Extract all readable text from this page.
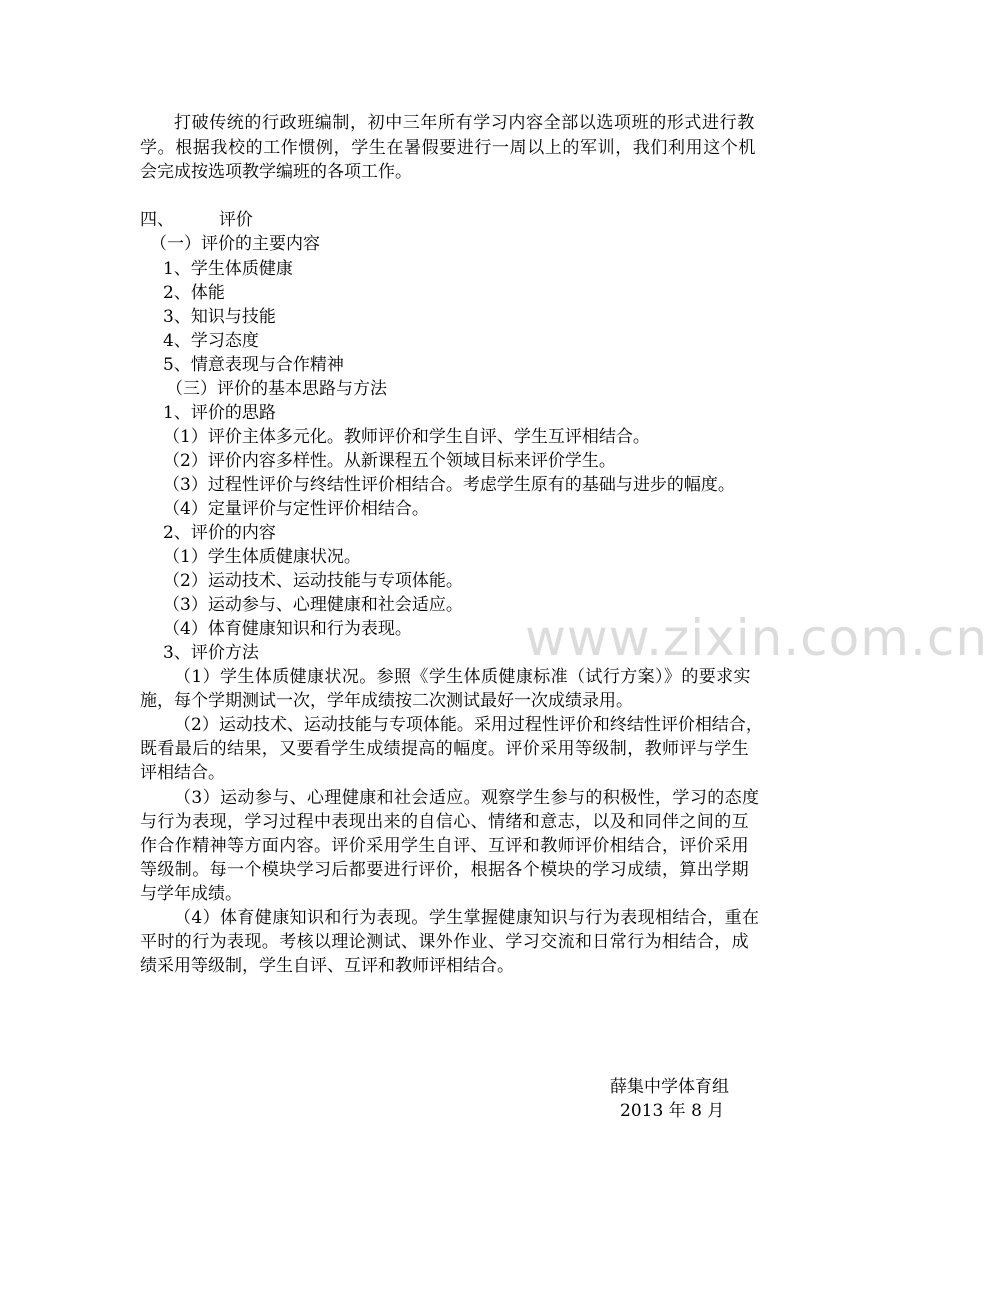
打破传统的行政班编制，初中三年所有学习内容全部以选项班的形式进行教
学。根据我校的工作惯例，学生在暑假要进行一周以上的军训，我们利用这个机
会完成按选项教学编班的各项工作。
四、	评价
（一）评价的主要内容
1、学生体质健康
2、体能
3、知识与技能
4、学习态度
5、情意表现与合作精神
（三）评价的基本思路与方法
1、评价的思路
（1）评价主体多元化。教师评价和学生自评、学生互评相结合。
（2）评价内容多样性。从新课程五个领域目标来评价学生。
（3）过程性评价与终结性评价相结合。考虑学生原有的基础与进步的幅度。
（4）定量评价与定性评价相结合。
2、评价的内容
（1）学生体质健康状况。
（2）运动技术、运动技能与专项体能。
（3）运动参与、心理健康和社会适应。
（4）体育健康知识和行为表现。
3、评价方法
（1）学生体质健康状况。参照《学生体质健康标准（试行方案）》的要求实
施，每个学期测试一次，学年成绩按二次测试最好一次成绩录用。
（2）运动技术、运动技能与专项体能。采用过程性评价和终结性评价相结合，
既看最后的结果，又要看学生成绩提高的幅度。评价采用等级制，教师评与学生
评相结合。
（3）运动参与、心理健康和社会适应。观察学生参与的积极性，学习的态度
与行为表现，学习过程中表现出来的自信心、情绪和意志，以及和同伴之间的互
作合作精神等方面内容。评价采用学生自评、互评和教师评价相结合，评价采用
等级制。每一个模块学习后都要进行评价，根据各个模块的学习成绩，算出学期
与学年成绩。
（4）体育健康知识和行为表现。学生掌握健康知识与行为表现相结合，重在
平时的行为表现。考核以理论测试、课外作业、学习交流和日常行为相结合，成
绩采用等级制，学生自评、互评和教师评相结合。
薛集中学体育组
2013 年 8 月
www.zixin.com.cn
